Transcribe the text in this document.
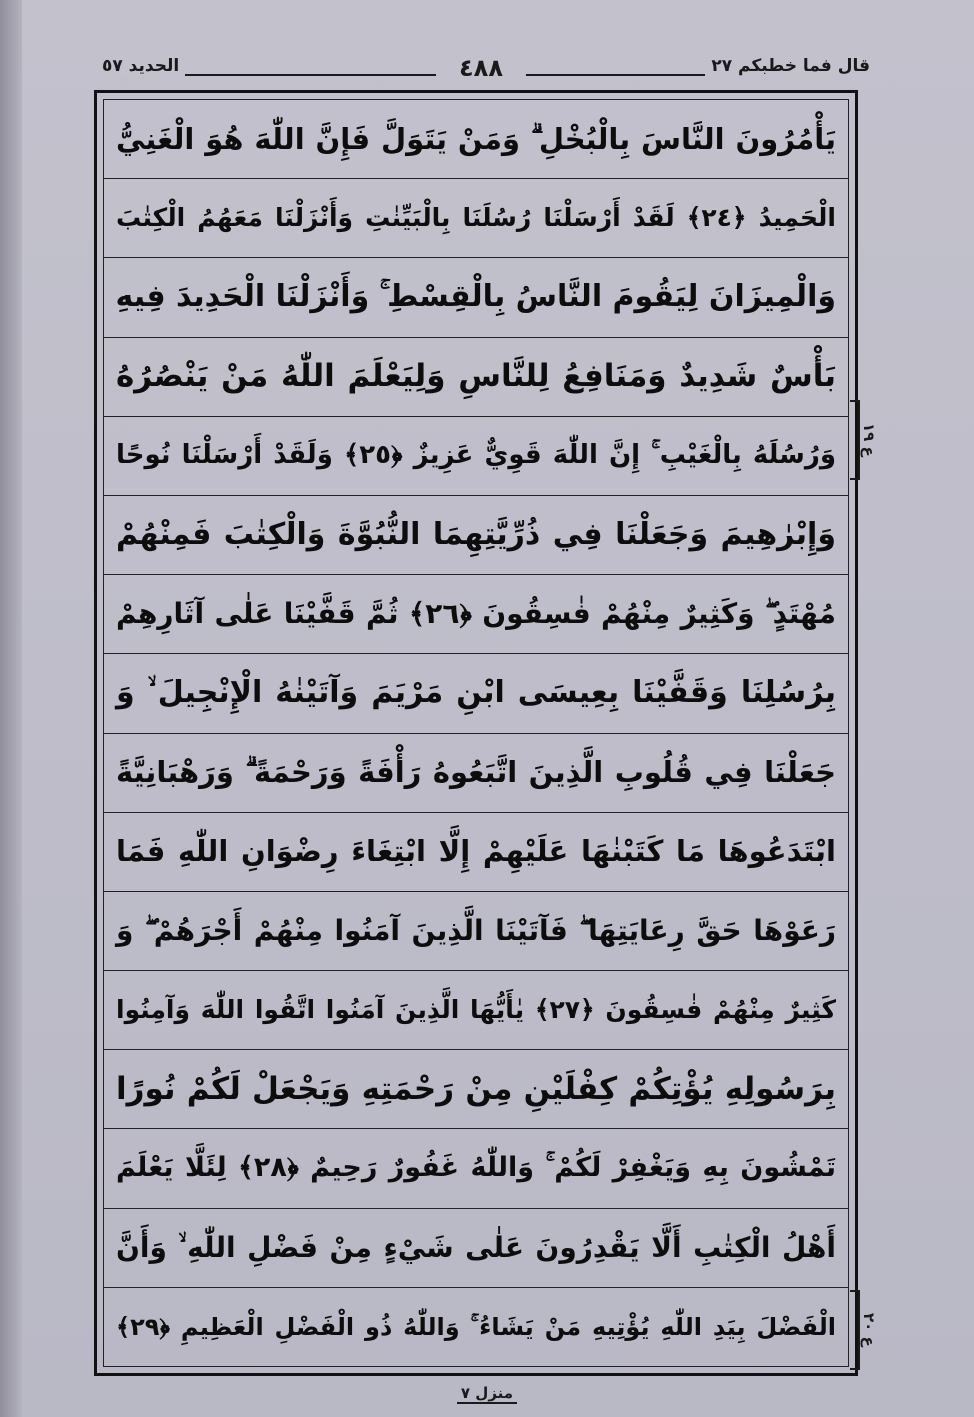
قال فما خطبكم ٢٧
٤٨٨
الحديد ٥٧
يَأْمُرُونَ النَّاسَ بِالْبُخْلِ ۗ وَمَنْ يَتَوَلَّ فَإِنَّ اللّٰهَ هُوَ الْغَنِيُّ
الْحَمِيدُ ﴿٢٤﴾ لَقَدْ أَرْسَلْنَا رُسُلَنَا بِالْبَيِّنٰتِ وَأَنْزَلْنَا مَعَهُمُ الْكِتٰبَ
وَالْمِيزَانَ لِيَقُومَ النَّاسُ بِالْقِسْطِ ۚ وَأَنْزَلْنَا الْحَدِيدَ فِيهِ
بَأْسٌ شَدِيدٌ وَمَنَافِعُ لِلنَّاسِ وَلِيَعْلَمَ اللّٰهُ مَنْ يَنْصُرُهُ
وَرُسُلَهُ بِالْغَيْبِ ۚ إِنَّ اللّٰهَ قَوِيٌّ عَزِيزٌ ﴿٢٥﴾ وَلَقَدْ أَرْسَلْنَا نُوحًا
وَإِبْرٰهِيمَ وَجَعَلْنَا فِي ذُرِّيَّتِهِمَا النُّبُوَّةَ وَالْكِتٰبَ فَمِنْهُمْ
مُهْتَدٍ ۖ وَكَثِيرٌ مِنْهُمْ فٰسِقُونَ ﴿٢٦﴾ ثُمَّ قَفَّيْنَا عَلٰى آثَارِهِمْ
بِرُسُلِنَا وَقَفَّيْنَا بِعِيسَى ابْنِ مَرْيَمَ وَآتَيْنٰهُ الْإِنْجِيلَ ۙ وَ
جَعَلْنَا فِي قُلُوبِ الَّذِينَ اتَّبَعُوهُ رَأْفَةً وَرَحْمَةً ۗ وَرَهْبَانِيَّةً
ابْتَدَعُوهَا مَا كَتَبْنٰهَا عَلَيْهِمْ إِلَّا ابْتِغَاءَ رِضْوَانِ اللّٰهِ فَمَا
رَعَوْهَا حَقَّ رِعَايَتِهَا ۖ فَآتَيْنَا الَّذِينَ آمَنُوا مِنْهُمْ أَجْرَهُمْ ۖ وَ
كَثِيرٌ مِنْهُمْ فٰسِقُونَ ﴿٢٧﴾ يٰأَيُّهَا الَّذِينَ آمَنُوا اتَّقُوا اللّٰهَ وَآمِنُوا
بِرَسُولِهِ يُؤْتِكُمْ كِفْلَيْنِ مِنْ رَحْمَتِهِ وَيَجْعَلْ لَكُمْ نُورًا
تَمْشُونَ بِهِ وَيَغْفِرْ لَكُمْ ۚ وَاللّٰهُ غَفُورٌ رَحِيمٌ ﴿٢٨﴾ لِئَلَّا يَعْلَمَ
أَهْلُ الْكِتٰبِ أَلَّا يَقْدِرُونَ عَلٰى شَيْءٍ مِنْ فَضْلِ اللّٰهِ ۙ وَأَنَّ
الْفَضْلَ بِيَدِ اللّٰهِ يُؤْتِيهِ مَنْ يَشَاءُ ۚ وَاللّٰهُ ذُو الْفَضْلِ الْعَظِيمِ ﴿٢٩﴾
ع ١٩
ع ٢٠
منزل ٧
